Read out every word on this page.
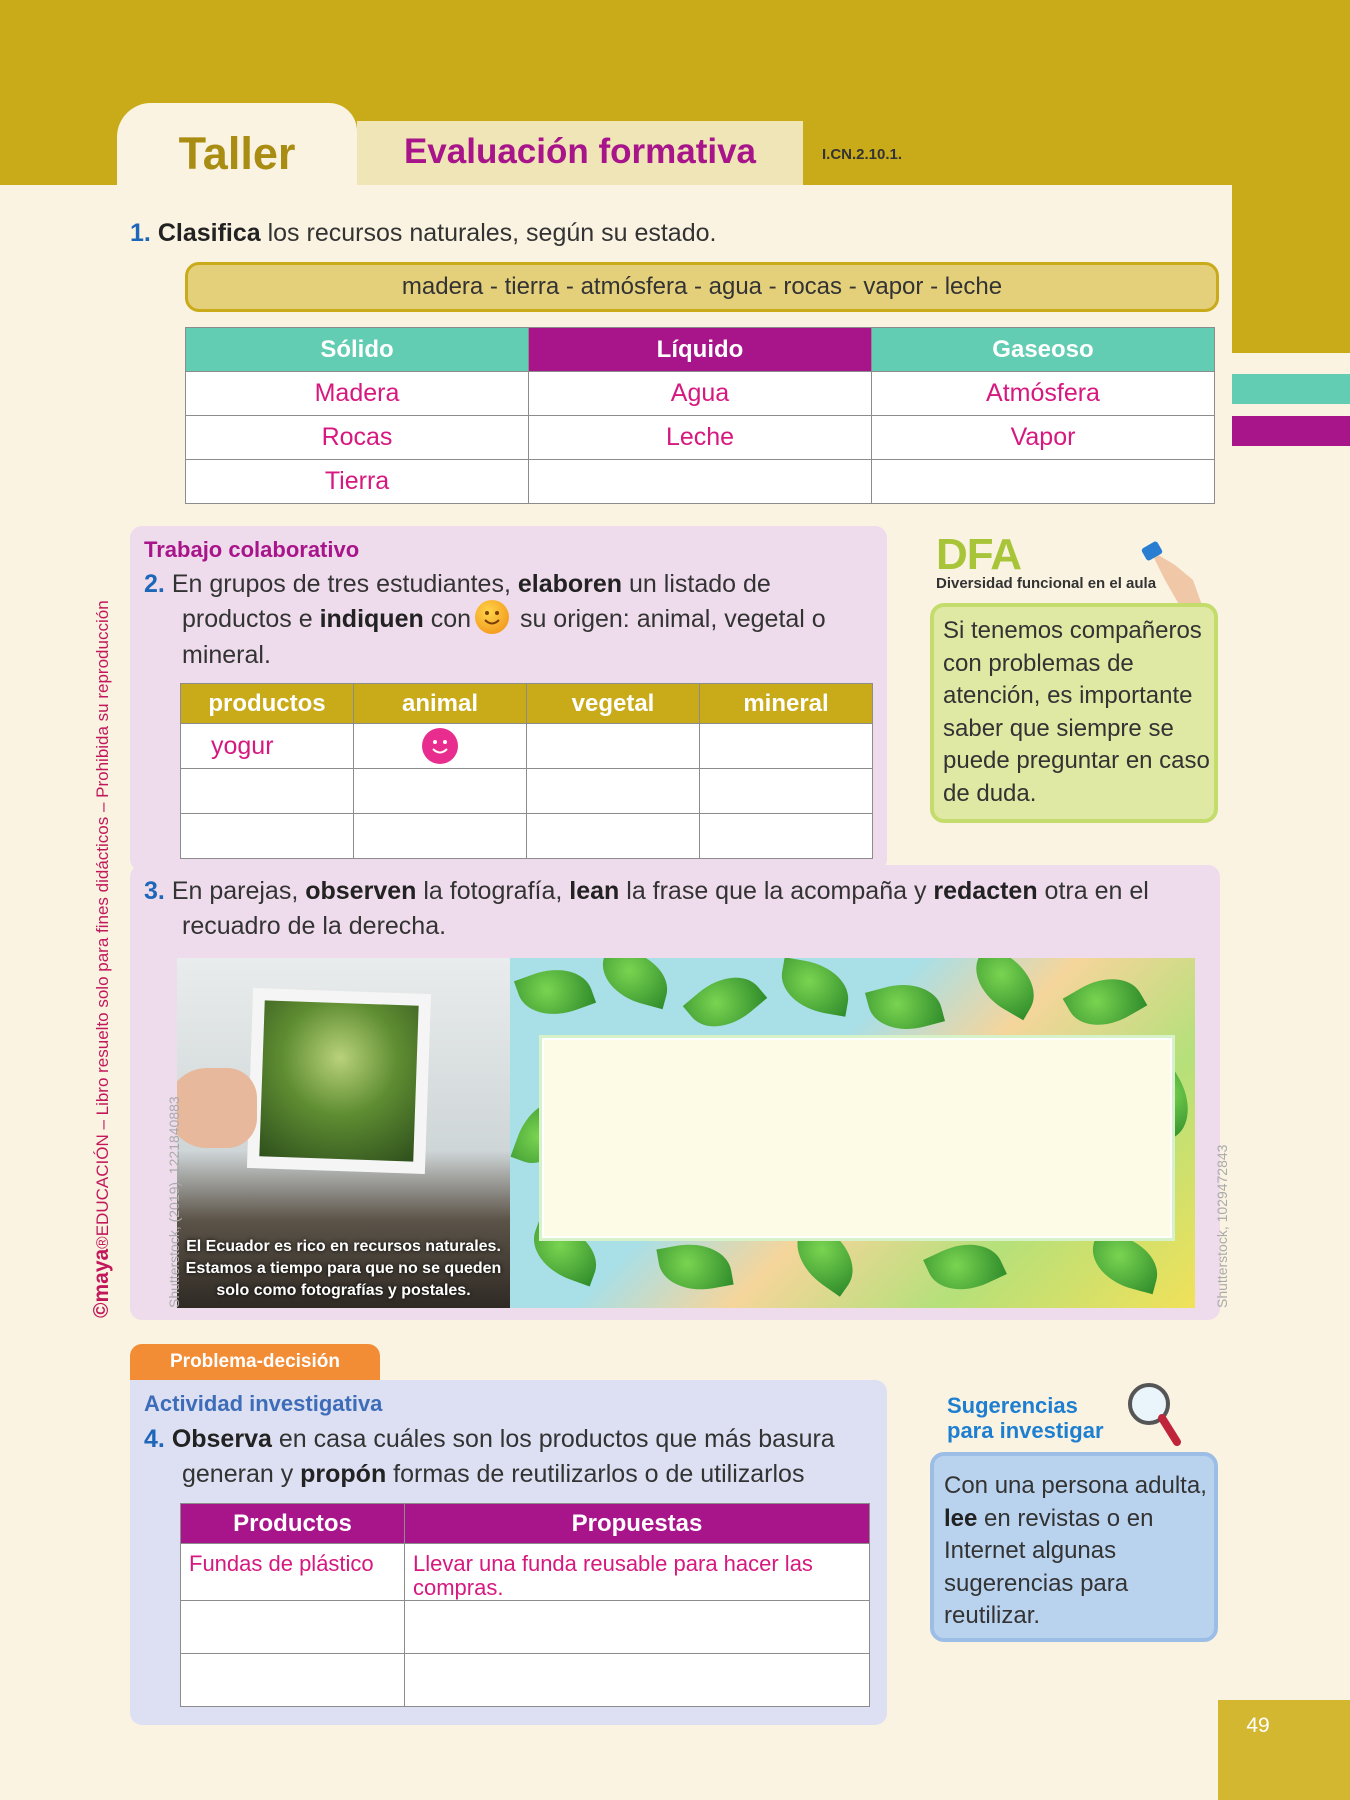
49
Taller	Evaluación formativa	I.CN.2.10.1.
©maya®EDUCACIÓN – Libro resuelto solo para fines didácticos – Prohibida su reproducción
1. Clasifica los recursos naturales, según su estado.
madera - tierra - atmósfera - agua - rocas - vapor - leche
Sólido	Líquido	Gaseoso
Madera	Agua	Atmósfera
Rocas	Leche	Vapor
Tierra		
Trabajo colaborativo
2. En grupos de tres estudiantes, elaboren un listado de
productos e indiquen con su origen: animal, vegetal o
mineral.
productos	animal	vegetal	mineral
yogur	

DFA
Diversidad funcional en el aula
Si tenemos compañeros con problemas de atención, es importante saber que siempre se puede preguntar en caso de duda.
3. En parejas, observen la fotografía, lean la frase que la acompaña y redacten otra en el
recuadro de la derecha.
El Ecuador es rico en recursos naturales.
Estamos a tiempo para que no se queden
solo como fotografías y postales.
Shutterstock, (2019). 1221840883	Shutterstock, 1029472843
Problema-decisión
Actividad investigativa
4. Observa en casa cuáles son los productos que más basura
generan y propón formas de reutilizarlos o de utilizarlos
Productos	Propuestas
Fundas de plástico	Llevar una funda reusable para hacer las compras.

Sugerencias
para investigar
Con una persona adulta, lee en revistas o en Internet algunas sugerencias para reutilizar.
